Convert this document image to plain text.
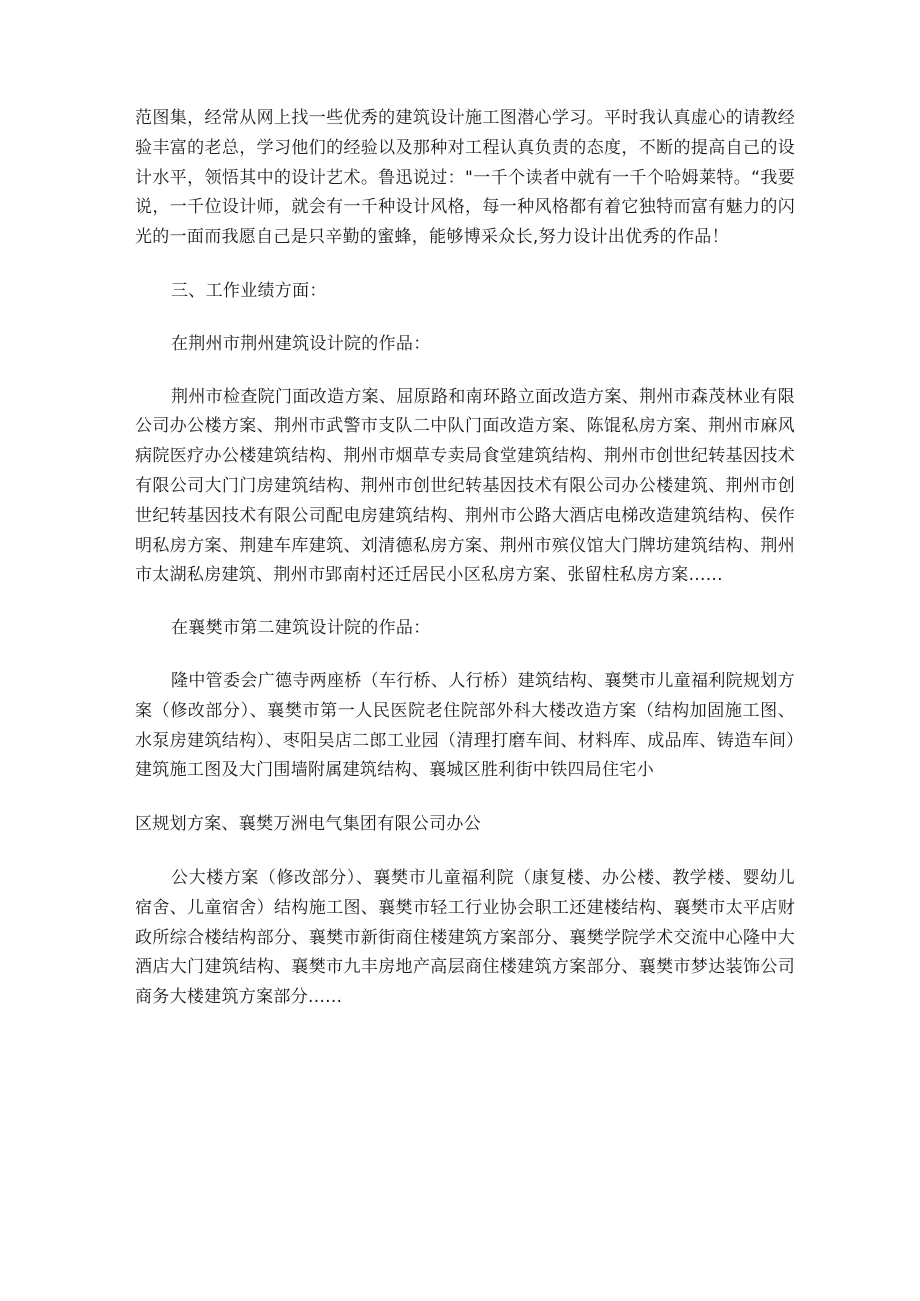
范图集，经常从网上找一些优秀的建筑设计施工图潜心学习。平时我认真虚心的请教经验丰富的老总，学习他们的经验以及那种对工程认真负责的态度，不断的提高自己的设计水平，领悟其中的设计艺术。鲁迅说过："一千个读者中就有一千个哈姆莱特。“我要说，一千位设计师，就会有一千种设计风格，每一种风格都有着它独特而富有魅力的闪光的一面而我愿自己是只辛勤的蜜蜂，能够博采众长,努力设计出优秀的作品！

三、工作业绩方面：

在荆州市荆州建筑设计院的作品：

荆州市检查院门面改造方案、屈原路和南环路立面改造方案、荆州市森茂林业有限公司办公楼方案、荆州市武警市支队二中队门面改造方案、陈馄私房方案、荆州市麻风病院医疗办公楼建筑结构、荆州市烟草专卖局食堂建筑结构、荆州市创世纪转基因技术有限公司大门门房建筑结构、荆州市创世纪转基因技术有限公司办公楼建筑、荆州市创世纪转基因技术有限公司配电房建筑结构、荆州市公路大酒店电梯改造建筑结构、侯作明私房方案、荆建车库建筑、刘清德私房方案、荆州市殡仪馆大门牌坊建筑结构、荆州市太湖私房建筑、荆州市郢南村还迁居民小区私房方案、张留柱私房方案......

在襄樊市第二建筑设计院的作品：

隆中管委会广德寺两座桥（车行桥、人行桥）建筑结构、襄樊市儿童福利院规划方案（修改部分）、襄樊市第一人民医院老住院部外科大楼改造方案（结构加固施工图、水泵房建筑结构）、枣阳吴店二郎工业园（清理打磨车间、材料库、成品库、铸造车间）建筑施工图及大门围墙附属建筑结构、襄城区胜利街中铁四局住宅小

区规划方案、襄樊万洲电气集团有限公司办公

公大楼方案（修改部分）、襄樊市儿童福利院（康复楼、办公楼、教学楼、婴幼儿宿舍、儿童宿舍）结构施工图、襄樊市轻工行业协会职工还建楼结构、襄樊市太平店财政所综合楼结构部分、襄樊市新街商住楼建筑方案部分、襄樊学院学术交流中心隆中大酒店大门建筑结构、襄樊市九丰房地产高层商住楼建筑方案部分、襄樊市梦达装饰公司商务大楼建筑方案部分......
